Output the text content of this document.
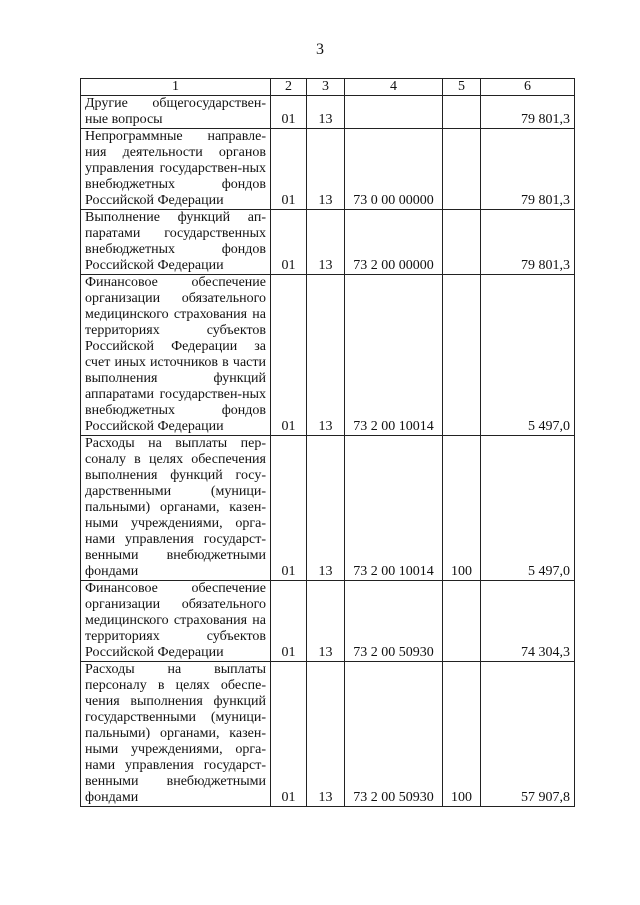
3
1	2	3	4	5	6
Другие общегосударствен-ные вопросы	01	13			79 801,3
Непрограммные направле-ния деятельности органов управления государствен-ных внебюджетных фондов Российской Федерации	01	13	73 0 00 00000		79 801,3
Выполнение функций ап-паратами государственных внебюджетных фондов Российской Федерации	01	13	73 2 00 00000		79 801,3
Финансовое обеспечение организации обязательного медицинского страхования на территориях субъектов Российской Федерации за счет иных источников в части выполнения функций аппаратами государствен-ных внебюджетных фондов Российской Федерации	01	13	73 2 00 10014		5 497,0
Расходы на выплаты пер-соналу в целях обеспечения выполнения функций госу-дарственными (муници-пальными) органами, казен-ными учреждениями, орга-нами управления государст-венными внебюджетными фондами	01	13	73 2 00 10014	100	5 497,0
Финансовое обеспечение организации обязательного медицинского страхования на территориях субъектов Российской Федерации	01	13	73 2 00 50930		74 304,3
Расходы на выплаты персоналу в целях обеспе-чения выполнения функций государственными (муници-пальными) органами, казен-ными учреждениями, орга-нами управления государст-венными внебюджетными фондами	01	13	73 2 00 50930	100	57 907,8
